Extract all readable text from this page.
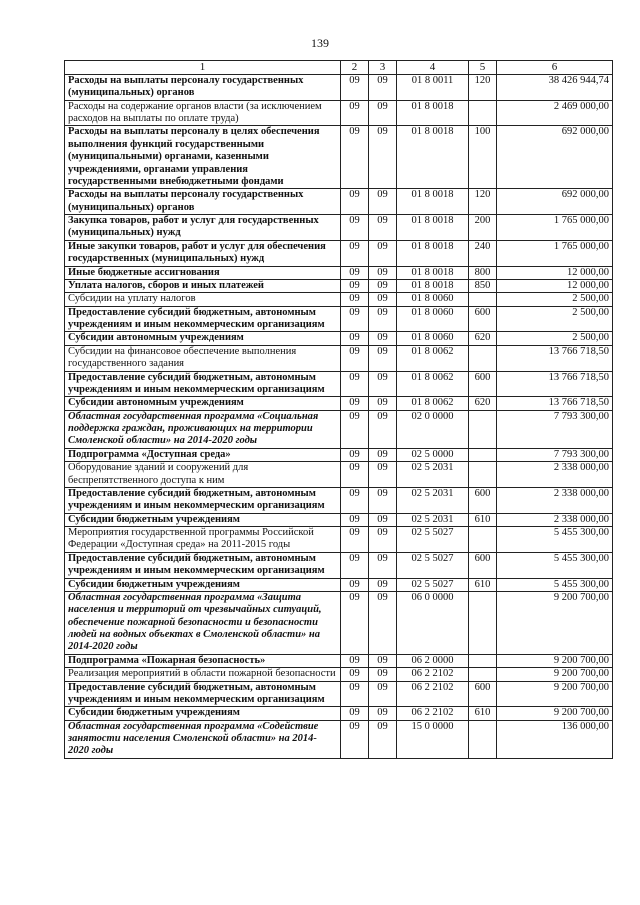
139
1	2	3	4	5	6
Расходы на выплаты персоналу государственных (муниципальных) органов	09	09	01 8 0011	120	38 426 944,74
Расходы на содержание органов власти (за исключением расходов на выплаты по оплате труда)	09	09	01 8 0018		2 469 000,00
Расходы на выплаты персоналу в целях обеспечения выполнения функций государственными (муниципальными) органами, казенными учреждениями, органами управления государственными внебюджетными фондами	09	09	01 8 0018	100	692 000,00
Расходы на выплаты персоналу государственных (муниципальных) органов	09	09	01 8 0018	120	692 000,00
Закупка товаров, работ и услуг для государственных (муниципальных) нужд	09	09	01 8 0018	200	1 765 000,00
Иные закупки товаров, работ и услуг для обеспечения государственных (муниципальных) нужд	09	09	01 8 0018	240	1 765 000,00
Иные бюджетные ассигнования	09	09	01 8 0018	800	12 000,00
Уплата налогов, сборов и иных платежей	09	09	01 8 0018	850	12 000,00
Субсидии на уплату налогов	09	09	01 8 0060		2 500,00
Предоставление субсидий бюджетным, автономным учреждениям и иным некоммерческим организациям	09	09	01 8 0060	600	2 500,00
Субсидии автономным учреждениям	09	09	01 8 0060	620	2 500,00
Субсидии на финансовое обеспечение выполнения государственного задания	09	09	01 8 0062		13 766 718,50
Предоставление субсидий бюджетным, автономным учреждениям и иным некоммерческим организациям	09	09	01 8 0062	600	13 766 718,50
Субсидии автономным учреждениям	09	09	01 8 0062	620	13 766 718,50
Областная государственная программа «Социальная поддержка граждан, проживающих на территории Смоленской области» на 2014-2020 годы	09	09	02 0 0000		7 793 300,00
Подпрограмма «Доступная среда»	09	09	02 5 0000		7 793 300,00
Оборудование зданий и сооружений для беспрепятственного доступа к ним	09	09	02 5 2031		2 338 000,00
Предоставление субсидий бюджетным, автономным учреждениям и иным некоммерческим организациям	09	09	02 5 2031	600	2 338 000,00
Субсидии бюджетным учреждениям	09	09	02 5 2031	610	2 338 000,00
Мероприятия государственной программы Российской Федерации «Доступная среда» на 2011-2015 годы	09	09	02 5 5027		5 455 300,00
Предоставление субсидий бюджетным, автономным учреждениям и иным некоммерческим организациям	09	09	02 5 5027	600	5 455 300,00
Субсидии бюджетным учреждениям	09	09	02 5 5027	610	5 455 300,00
Областная государственная программа «Защита населения и территорий от чрезвычайных ситуаций, обеспечение пожарной безопасности и безопасности людей на водных объектах в Смоленской области» на 2014-2020 годы	09	09	06 0 0000		9 200 700,00
Подпрограмма «Пожарная безопасность»	09	09	06 2 0000		9 200 700,00
Реализация мероприятий в области пожарной безопасности	09	09	06 2 2102		9 200 700,00
Предоставление субсидий бюджетным, автономным учреждениям и иным некоммерческим организациям	09	09	06 2 2102	600	9 200 700,00
Субсидии бюджетным учреждениям	09	09	06 2 2102	610	9 200 700,00
Областная государственная программа «Содействие занятости населения Смоленской области» на 2014-2020 годы	09	09	15 0 0000		136 000,00
